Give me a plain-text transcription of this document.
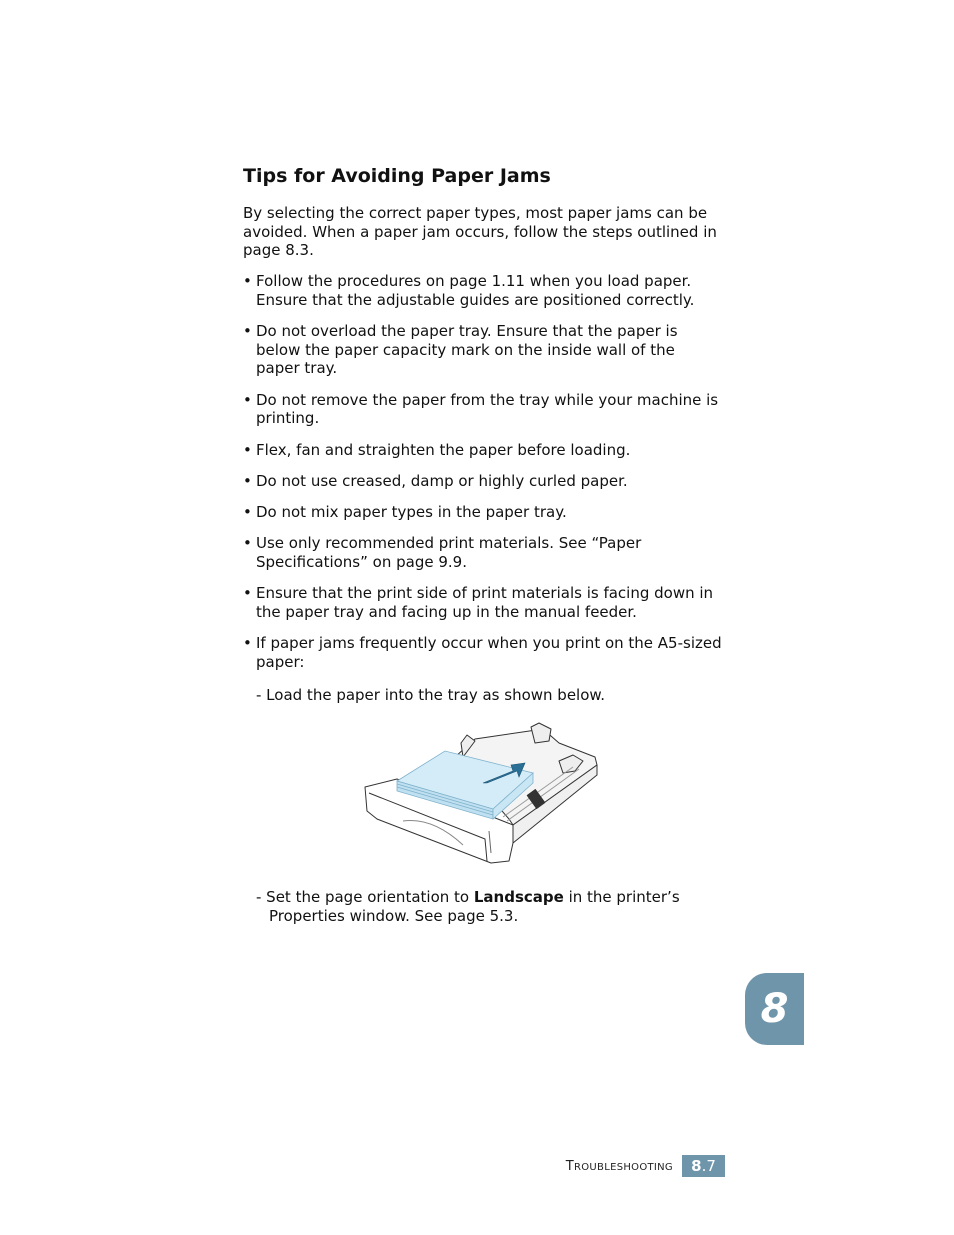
Tips for Avoiding Paper Jams

By selecting the correct paper types, most paper jams can be avoided. When a paper jam occurs, follow the steps outlined in page 8.3.

• Follow the procedures on page 1.11 when you load paper. Ensure that the adjustable guides are positioned correctly.
• Do not overload the paper tray. Ensure that the paper is below the paper capacity mark on the inside wall of the paper tray.
• Do not remove the paper from the tray while your machine is printing.
• Flex, fan and straighten the paper before loading.
• Do not use creased, damp or highly curled paper.
• Do not mix paper types in the paper tray.
• Use only recommended print materials. See “Paper Specifications” on page 9.9.
• Ensure that the print side of print materials is facing down in the paper tray and facing up in the manual feeder.
• If paper jams frequently occur when you print on the A5-sized paper:
- Load the paper into the tray as shown below.
- Set the page orientation to Landscape in the printer’s Properties window. See page 5.3.
8
TROUBLESHOOTING 8 .7
